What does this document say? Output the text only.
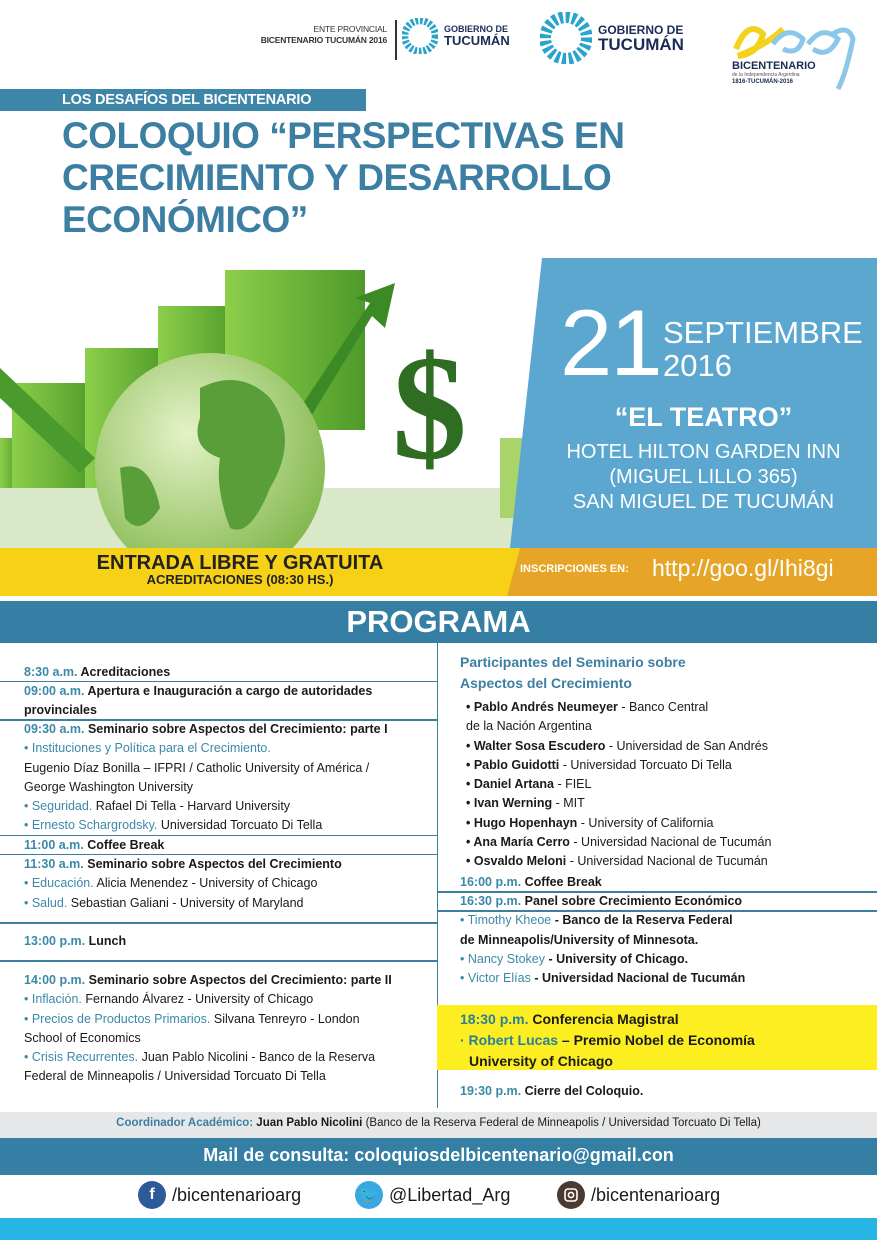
ENTE PROVINCIAL
BICENTENARIO TUCUMÁN 2016
GOBIERNO DE
TUCUMÁN
GOBIERNO DE
TUCUMÁN
BICENTENARIO
de la Independencia Argentina
1816-TUCUMÁN-2016
LOS DESAFÍOS DEL BICENTENARIO
COLOQUIO “PERSPECTIVAS EN
CRECIMIENTO Y DESARROLLO
ECONÓMICO”
$ 21 SEPTIEMBRE
2016
“EL TEATRO”
HOTEL HILTON GARDEN INN
(MIGUEL LILLO 365)
SAN MIGUEL DE TUCUMÁN
ENTRADA LIBRE Y GRATUITA
ACREDITACIONES (08:30 HS.)
INSCRIPCIONES EN: http://goo.gl/Ihi8gi
PROGRAMA
8:30 a.m. Acreditaciones
09:00 a.m. Apertura e Inauguración a cargo de autoridades
provinciales
09:30 a.m. Seminario sobre Aspectos del Crecimiento: parte I
• Instituciones y Política para el Crecimiento.
Eugenio Díaz Bonilla – IFPRI / Catholic University of América /
George Washington University
• Seguridad. Rafael Di Tella - Harvard University
• Ernesto Schargrodsky. Universidad Torcuato Di Tella
11:00 a.m. Coffee Break
11:30 a.m. Seminario sobre Aspectos del Crecimiento
• Educación. Alicia Menendez - University of Chicago
• Salud. Sebastian Galiani - University of Maryland
13:00 p.m. Lunch
14:00 p.m. Seminario sobre Aspectos del Crecimiento: parte II
• Inflación. Fernando Álvarez - University of Chicago
• Precios de Productos Primarios. Silvana Tenreyro - London
School of Economics
• Crisis Recurrentes. Juan Pablo Nicolini - Banco de la Reserva
Federal de Minneapolis / Universidad Torcuato Di Tella
Participantes del Seminario sobre
Aspectos del Crecimiento
• Pablo Andrés Neumeyer - Banco Central
de la Nación Argentina
• Walter Sosa Escudero - Universidad de San Andrés
• Pablo Guidotti - Universidad Torcuato Di Tella
• Daniel Artana - FIEL
• Ivan Werning - MIT
• Hugo Hopenhayn - University of California
• Ana María Cerro - Universidad Nacional de Tucumán
• Osvaldo Meloni - Universidad Nacional de Tucumán
16:00 p.m. Coffee Break
16:30 p.m. Panel sobre Crecimiento Económico
• Timothy Kheoe - Banco de la Reserva Federal
de Minneapolis/University of Minnesota.
• Nancy Stokey - University of Chicago.
• Victor Elías - Universidad Nacional de Tucumán
18:30 p.m. Conferencia Magistral
· Robert Lucas – Premio Nobel de Economía
University of Chicago
19:30 p.m. Cierre del Coloquio.
Coordinador Académico: Juan Pablo Nicolini (Banco de la Reserva Federal de Minneapolis / Universidad Torcuato Di Tella)
Mail de consulta: coloquiosdelbicentenario@gmail.con
f /bicentenarioarg	🐦 @Libertad_Arg	/bicentenarioarg
